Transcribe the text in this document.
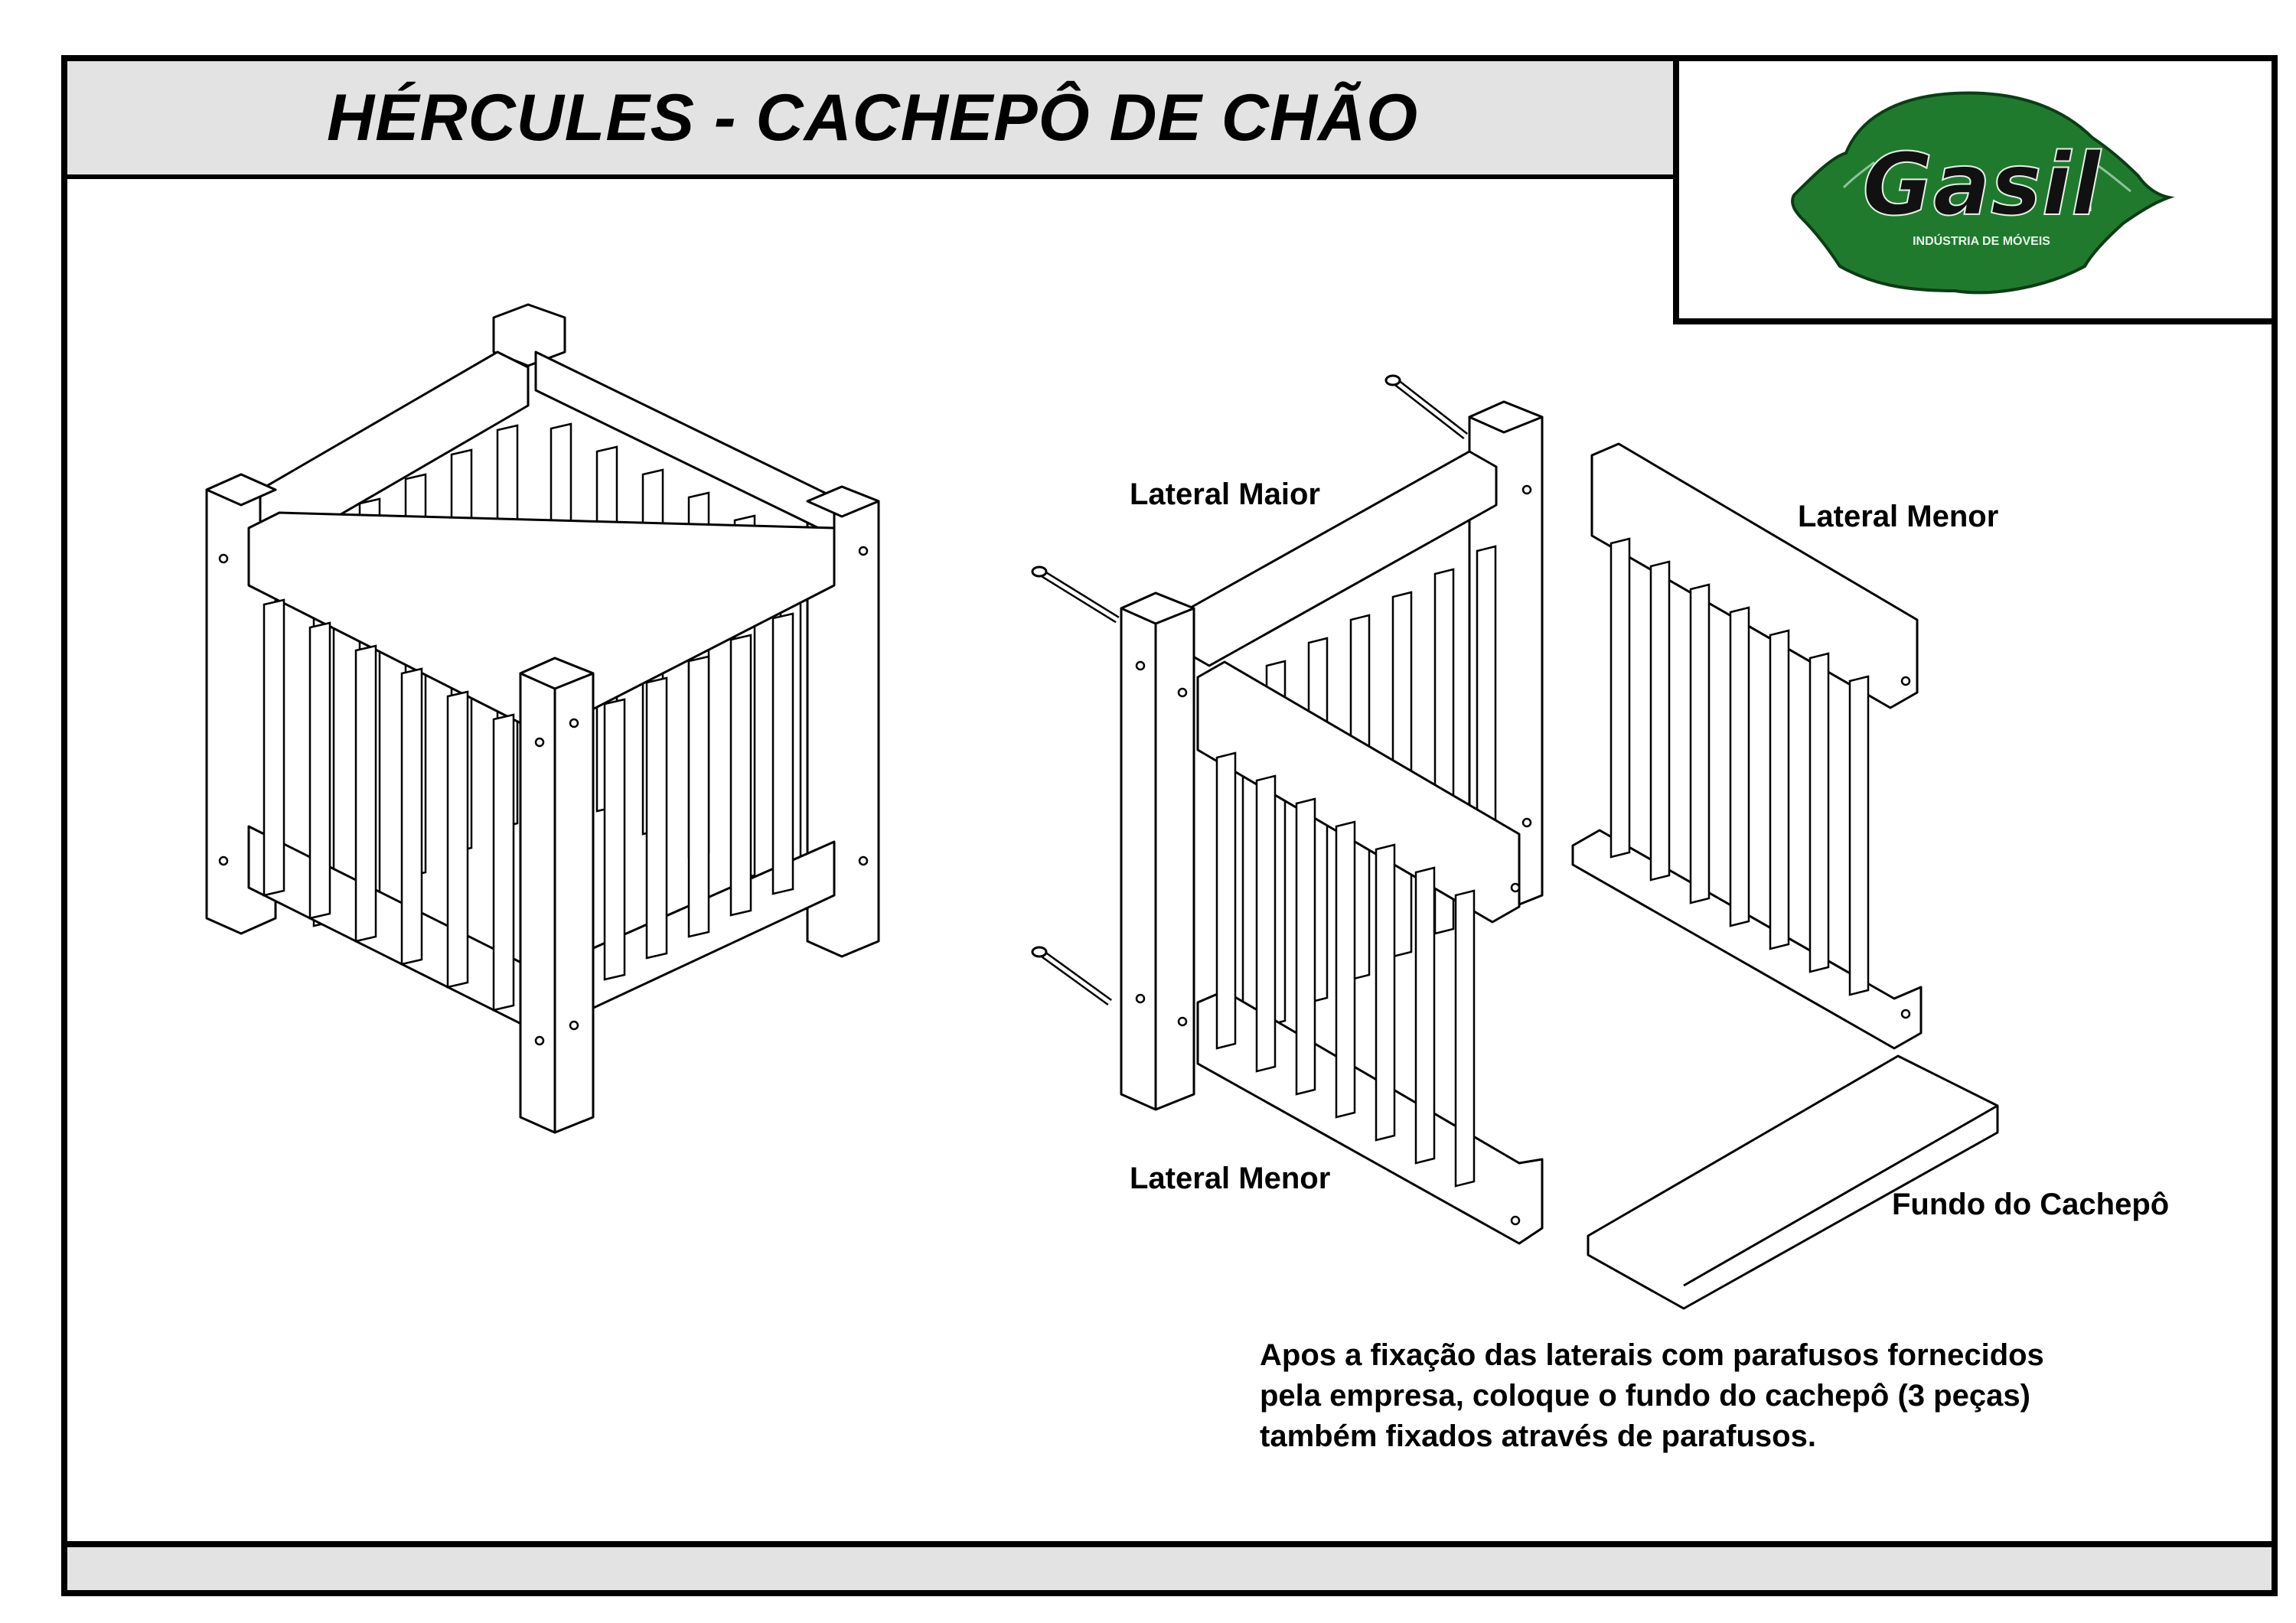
HÉRCULES - CACHEPÔ DE CHÃO
Gasil
INDÚSTRIA DE MÓVEIS
Lateral Maior
Lateral Menor
Lateral Menor
Fundo do Cachepô
Apos a fixação das laterais com parafusos fornecidos
pela empresa, coloque o fundo do cachepô (3 peças)
também fixados através de parafusos.
